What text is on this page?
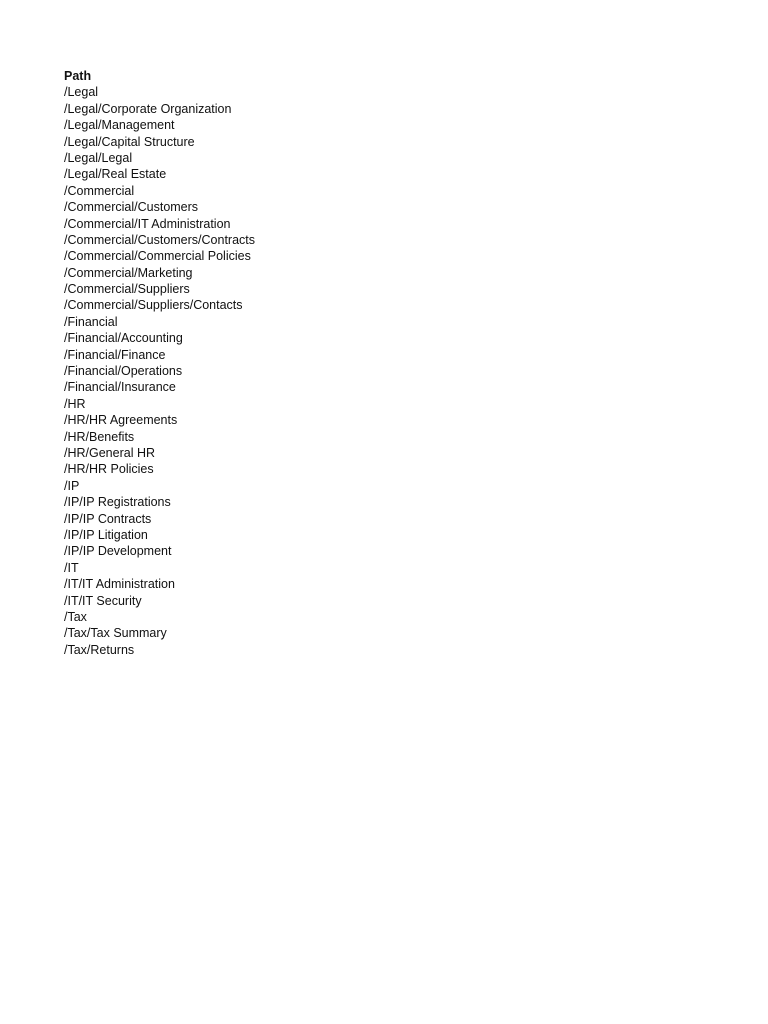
Path
/Legal
/Legal/Corporate Organization
/Legal/Management
/Legal/Capital Structure
/Legal/Legal
/Legal/Real Estate
/Commercial
/Commercial/Customers
/Commercial/IT Administration
/Commercial/Customers/Contracts
/Commercial/Commercial Policies
/Commercial/Marketing
/Commercial/Suppliers
/Commercial/Suppliers/Contacts
/Financial
/Financial/Accounting
/Financial/Finance
/Financial/Operations
/Financial/Insurance
/HR
/HR/HR Agreements
/HR/Benefits
/HR/General HR
/HR/HR Policies
/IP
/IP/IP Registrations
/IP/IP Contracts
/IP/IP Litigation
/IP/IP Development
/IT
/IT/IT Administration
/IT/IT Security
/Tax
/Tax/Tax Summary
/Tax/Returns
